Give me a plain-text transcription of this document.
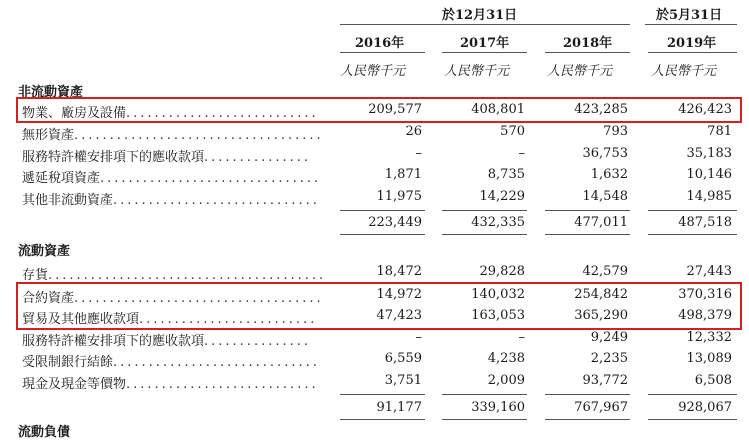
於12月31日	於5月31日
2016年	2017年	2018年	2019年
人民幣千元	人民幣千元	人民幣千元	人民幣千元
非流動資產
物業、廠房及設備...........................	209,577	408,801	423,285	426,423
無形資產...................................	26	570	793	781
服務特許權安排項下的應收款項...............	–	–	36,753	35,183
遞延稅項資產...............................	1,871	8,735	1,632	10,146
其他非流動資產.............................	11,975	14,229	14,548	14,985
223,449	432,335	477,011	487,518
流動資產
存貨.......................................	18,472	29,828	42,579	27,443
合約資產...................................	14,972	140,032	254,842	370,316
貿易及其他應收款項.........................	47,423	163,053	365,290	498,379
服務特許權安排項下的應收款項...............	–	–	9,249	12,332
受限制銀行結餘.............................	6,559	4,238	2,235	13,089
現金及現金等價物...........................	3,751	2,009	93,772	6,508
91,177	339,160	767,967	928,067
流動負債
